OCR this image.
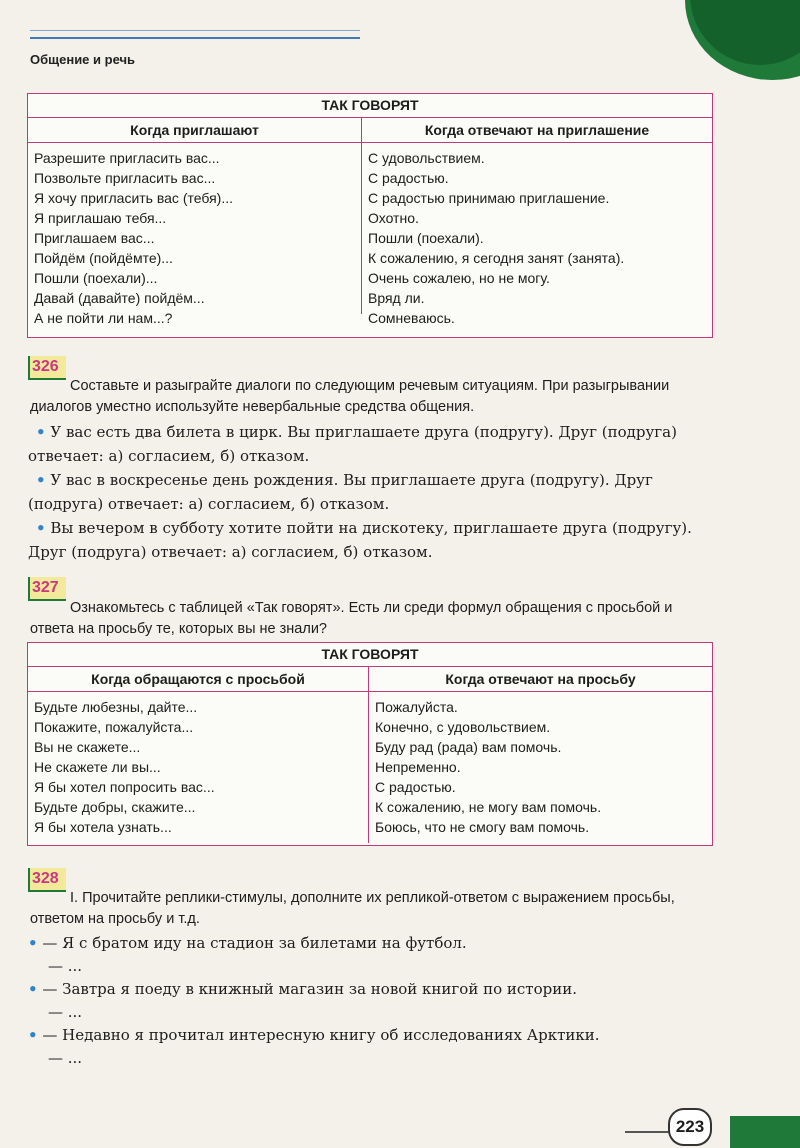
Общение и речь
ТАК ГОВОРЯТ
Когда приглашают	Когда отвечают на приглашение
Разрешите пригласить вас...
Позвольте пригласить вас...
Я хочу пригласить вас (тебя)...
Я приглашаю тебя...
Приглашаем вас...
Пойдём (пойдёмте)...
Пошли (поехали)...
Давай (давайте) пойдём...
А не пойти ли нам...?
С удовольствием.
С радостью.
С радостью принимаю приглашение.
Охотно.
Пошли (поехали).
К сожалению, я сегодня занят (занята).
Очень сожалею, но не могу.
Вряд ли.
Сомневаюсь.
326
Составьте и разыграйте диалоги по следующим речевым ситуациям. При разыгрывании диалогов уместно используйте невербальные средства общения.

• У вас есть два билета в цирк. Вы приглашаете друга (подругу). Друг (подруга) отвечает: а) согласием, б) отказом.

• У вас в воскресенье день рождения. Вы приглашаете друга (подругу). Друг (подруга) отвечает: а) согласием, б) отказом.

• Вы вечером в субботу хотите пойти на дискотеку, приглашаете друга (подругу). Друг (подруга) отвечает: а) согласием, б) отказом.

327
Ознакомьтесь с таблицей «Так говорят». Есть ли среди формул обращения с просьбой и ответа на просьбу те, которых вы не знали?
ТАК ГОВОРЯТ
Когда обращаются с просьбой	Когда отвечают на просьбу
Будьте любезны, дайте...
Покажите, пожалуйста...
Вы не скажете...
Не скажете ли вы...
Я бы хотел попросить вас...
Будьте добры, скажите...
Я бы хотела узнать...
Пожалуйста.
Конечно, с удовольствием.
Буду рад (рада) вам помочь.
Непременно.
С радостью.
К сожалению, не могу вам помочь.
Боюсь, что не смогу вам помочь.
328
I. Прочитайте реплики-стимулы, дополните их репликой-ответом с выражением просьбы, ответом на просьбу и т.д.

• — Я с братом иду на стадион за билетами на футбол.

— ...

• — Завтра я поеду в книжный магазин за новой книгой по истории.

— ...

• — Недавно я прочитал интересную книгу об исследованиях Арктики.

— ...

223
